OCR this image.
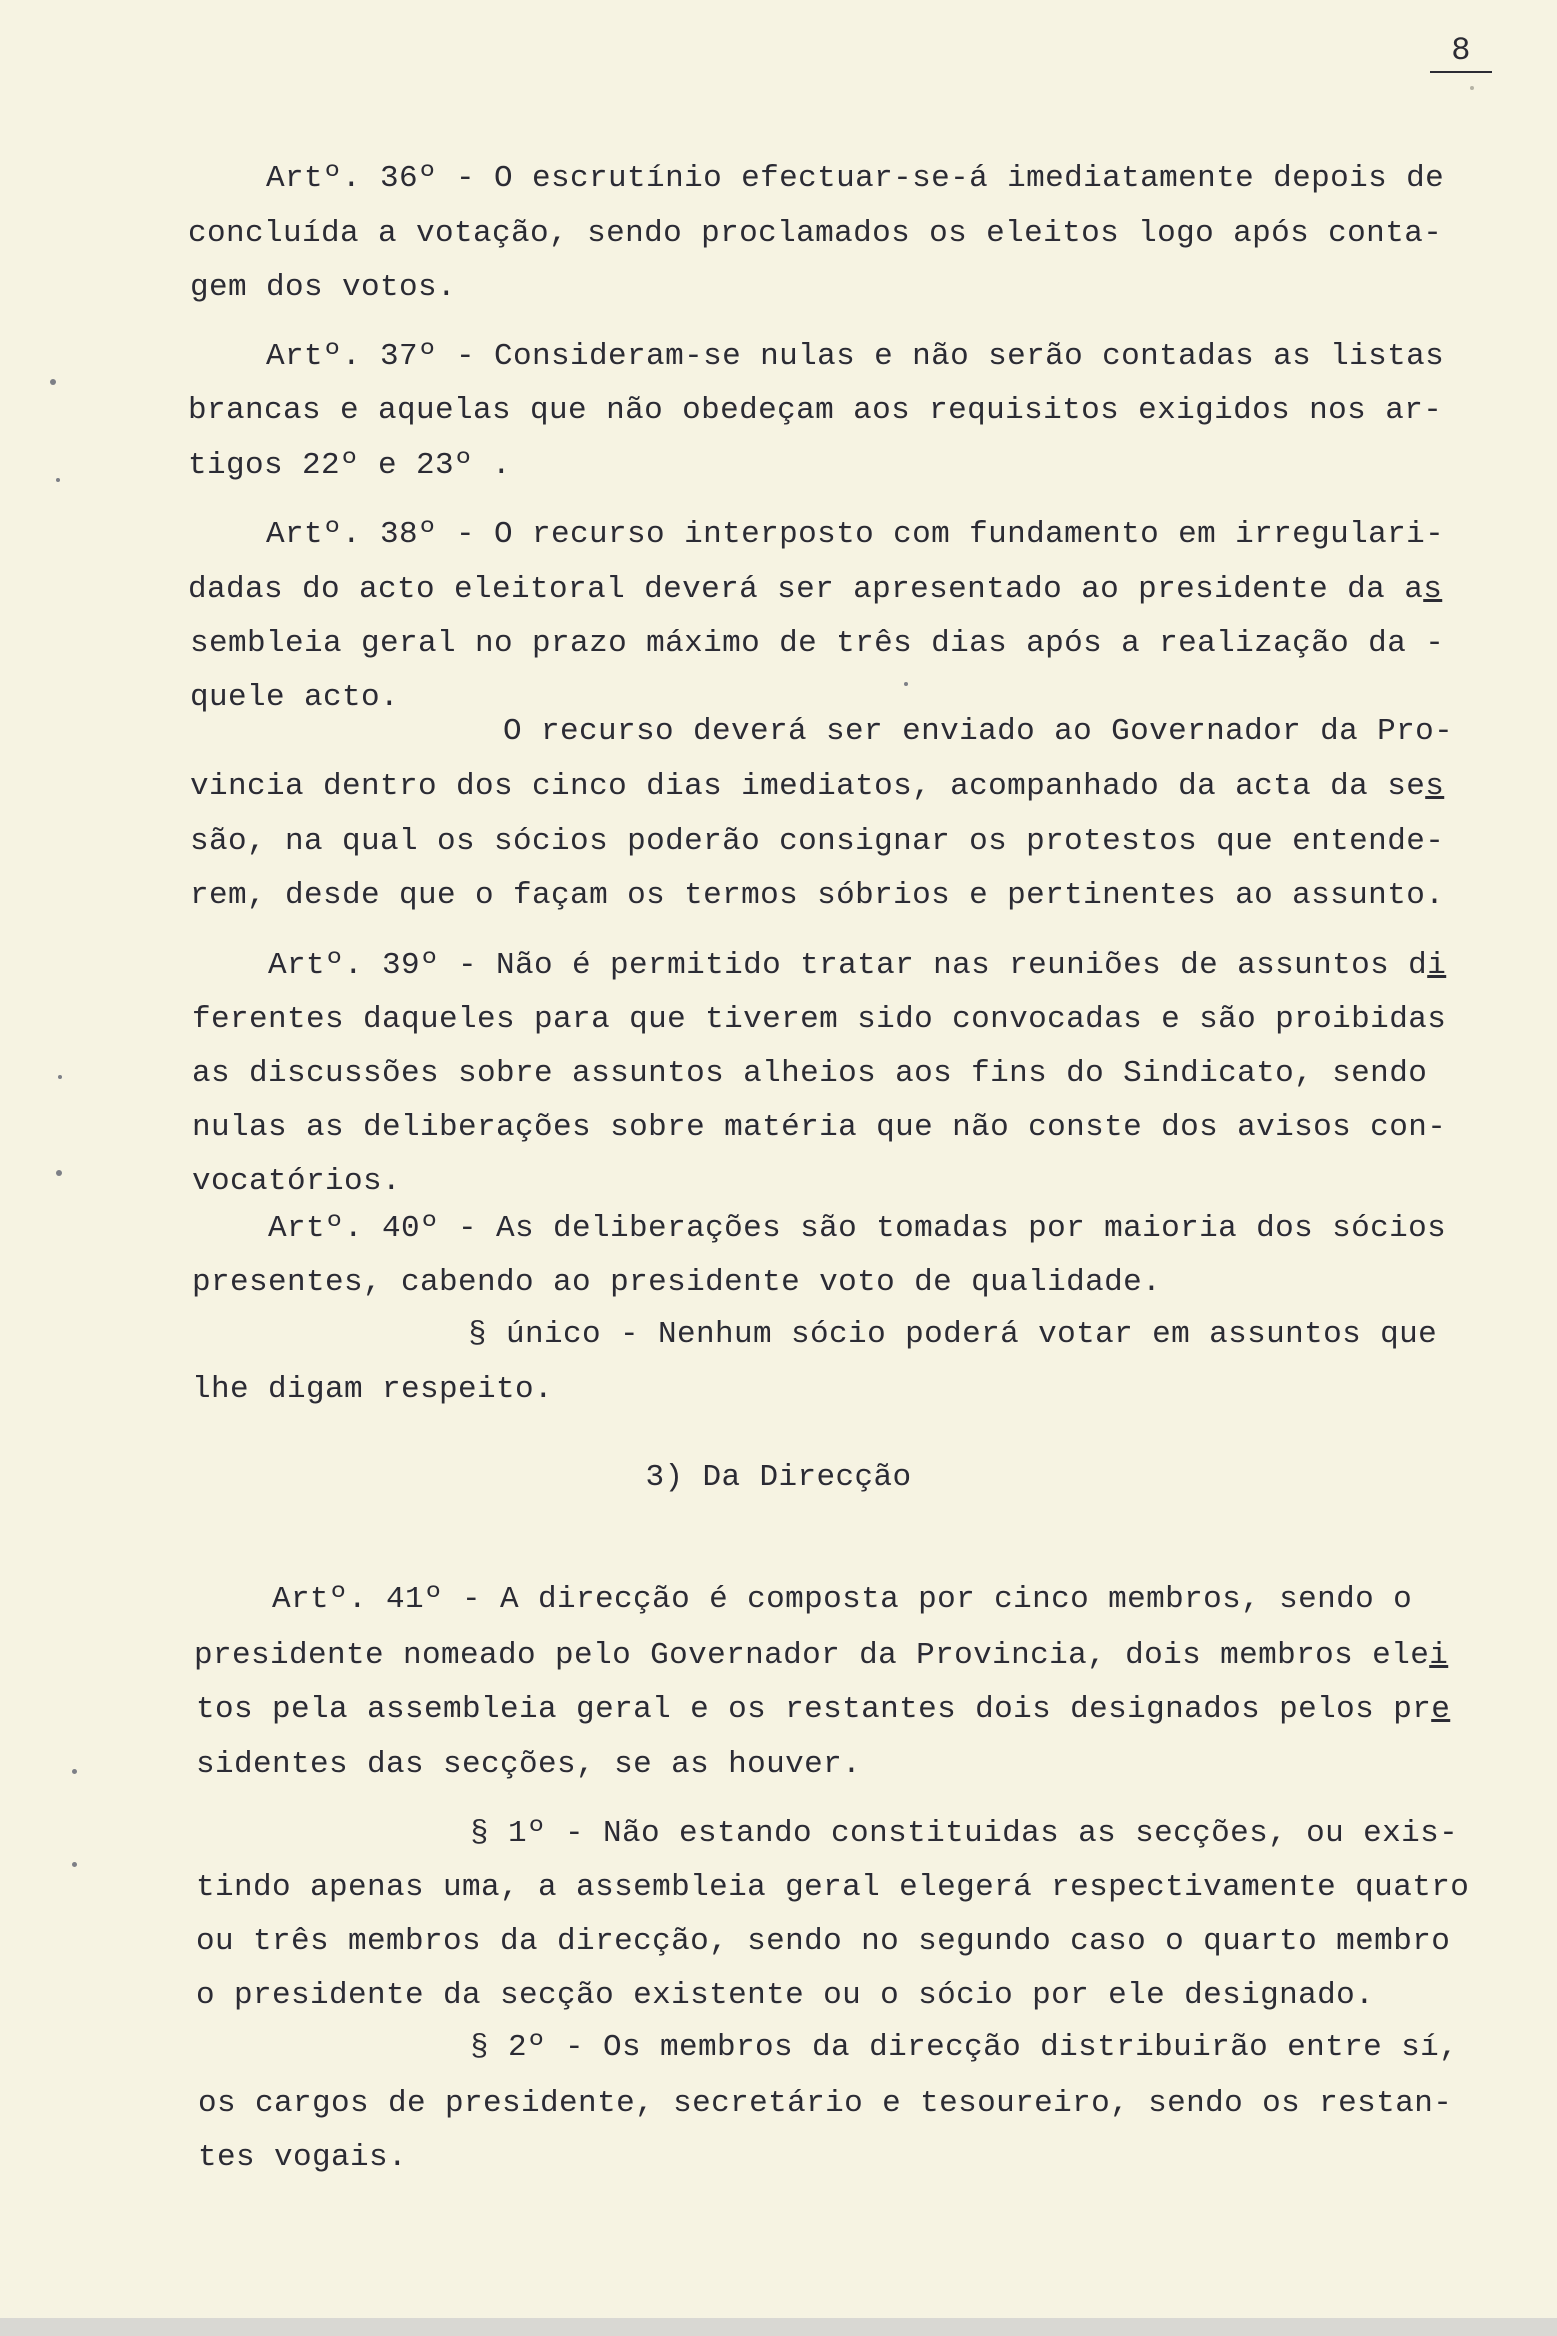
8
Artº. 36º - O escrutínio efectuar-se-á imediatamente depois de
concluída a votação, sendo proclamados os eleitos logo após conta-
gem dos votos.
Artº. 37º - Consideram-se nulas e não serão contadas as listas
brancas e aquelas que não obedeçam aos requisitos exigidos nos ar-
tigos 22º e 23º .
Artº. 38º - O recurso interposto com fundamento em irregulari-
dadas do acto eleitoral deverá ser apresentado ao presidente da as
sembleia geral no prazo máximo de três dias após a realização da -
quele acto.
O recurso deverá ser enviado ao Governador da Pro-
vincia dentro dos cinco dias imediatos, acompanhado da acta da ses
são, na qual os sócios poderão consignar os protestos que entende-
rem, desde que o façam os termos sóbrios e pertinentes ao assunto.
Artº. 39º - Não é permitido tratar nas reuniões de assuntos di
ferentes daqueles para que tiverem sido convocadas e são proibidas
as discussões sobre assuntos alheios aos fins do Sindicato, sendo
nulas as deliberações sobre matéria que não conste dos avisos con-
vocatórios.
Artº. 40º - As deliberações são tomadas por maioria dos sócios
presentes, cabendo ao presidente voto de qualidade.
§ único - Nenhum sócio poderá votar em assuntos que
lhe digam respeito.
3) Da Direcção
Artº. 41º - A direcção é composta por cinco membros, sendo o
presidente nomeado pelo Governador da Provincia, dois membros elei
tos pela assembleia geral e os restantes dois designados pelos pre
sidentes das secções, se as houver.
§ 1º - Não estando constituidas as secções, ou exis-
tindo apenas uma, a assembleia geral elegerá respectivamente quatro
ou três membros da direcção, sendo no segundo caso o quarto membro
o presidente da secção existente ou o sócio por ele designado.
§ 2º - Os membros da direcção distribuirão entre sí,
os cargos de presidente, secretário e tesoureiro, sendo os restan-
tes vogais.
